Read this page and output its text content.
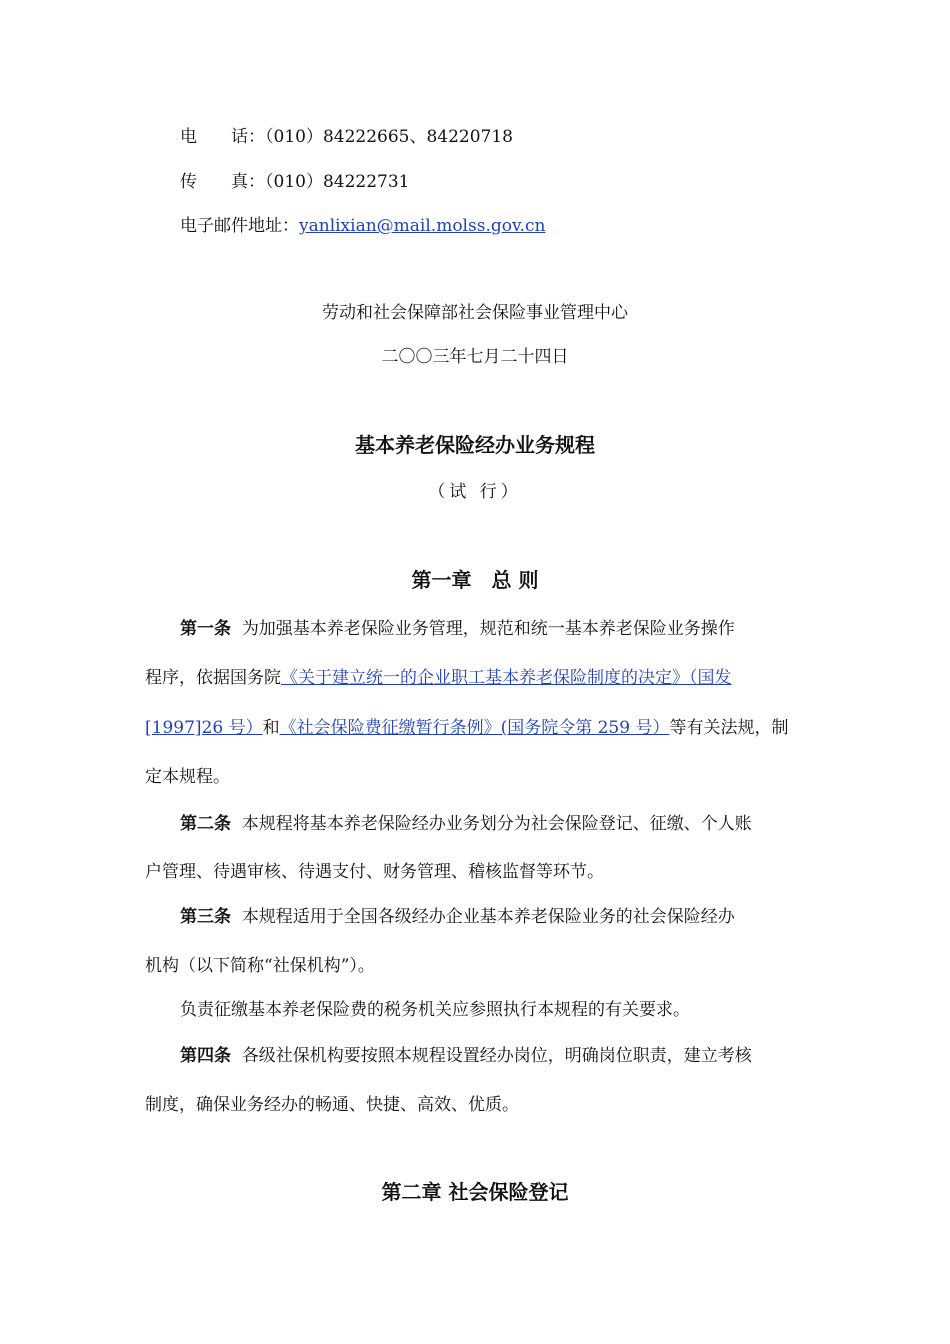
电　　话：（010）84222665、84220718
传　　真：（010）84222731
电子邮件地址：yanlixian@mail.molss.gov.cn
劳动和社会保障部社会保险事业管理中心
二〇〇三年七月二十四日
基本养老保险经办业务规程
（试 行）
第一章　总 则
第一条 为加强基本养老保险业务管理，规范和统一基本养老保险业务操作
程序，依据国务院《关于建立统一的企业职工基本养老保险制度的决定》（国发
[1997]26 号）和《社会保险费征缴暂行条例》(国务院令第 259 号）等有关法规，制
定本规程。
第二条 本规程将基本养老保险经办业务划分为社会保险登记、征缴、个人账
户管理、待遇审核、待遇支付、财务管理、稽核监督等环节。
第三条 本规程适用于全国各级经办企业基本养老保险业务的社会保险经办
机构（以下简称“社保机构”）。
负责征缴基本养老保险费的税务机关应参照执行本规程的有关要求。
第四条 各级社保机构要按照本规程设置经办岗位，明确岗位职责，建立考核
制度，确保业务经办的畅通、快捷、高效、优质。
第二章 社会保险登记
